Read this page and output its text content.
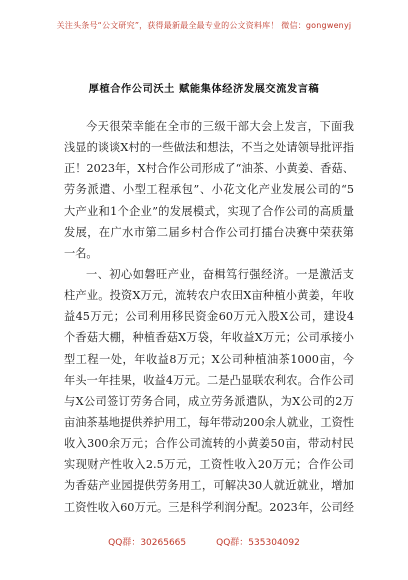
关注头条号“公文研究”，获得最新最全最专业的公文资料库！ 微信：gongwenyj
厚植合作公司沃土 赋能集体经济发展交流发言稿
今天很荣幸能在全市的三级干部大会上发言，下面我
浅显的谈谈X村的一些做法和想法，不当之处请领导批评指
正！2023年，X村合作公司形成了“油茶、小黄姜、香菇、
劳务派遣、小型工程承包”、小花文化产业发展公司的“5
大产业和1个企业”的发展模式，实现了合作公司的高质量
发展，在广水市第二届乡村合作公司打擂台决赛中荣获第
一名。
一、初心如磐旺产业，奋楫笃行强经济。一是激活支
柱产业。投资X万元，流转农户农田X亩种植小黄姜，年收
益45万元；公司利用移民资金60万元入股X公司，建设4
个香菇大棚，种植香菇X万袋，年收益X万元；公司承接小
型工程一处，年收益8万元；X公司种植油茶1000亩，今
年头一年挂果，收益4万元。二是凸显联农利农。合作公司
与X公司签订劳务合同，成立劳务派遣队，为X公司的2万
亩油茶基地提供养护用工，每年带动200余人就业，工资性
收入300余万元；合作公司流转的小黄姜50亩，带动村民
实现财产性收入2.5万元，工资性收入20万元；合作公司
为香菇产业园提供劳务用工，可解决30人就近就业，增加
工资性收入60万元。三是科学利润分配。2023年，公司经
QQ群：30265665	QQ群：535304092
